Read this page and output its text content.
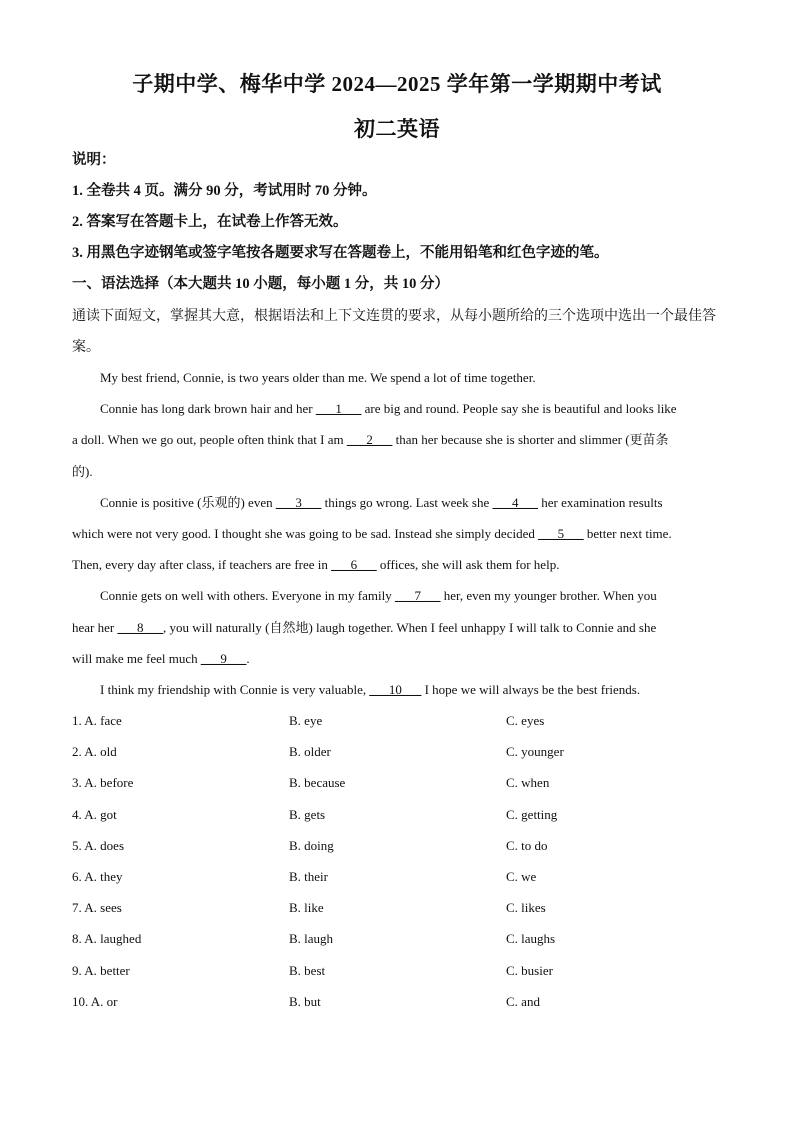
子期中学、梅华中学 2024—2025 学年第一学期期中考试
初二英语
说明：
1. 全卷共 4 页。满分 90 分，考试用时 70 分钟。
2. 答案写在答题卡上，在试卷上作答无效。
3. 用黑色字迹钢笔或签字笔按各题要求写在答题卷上，不能用铅笔和红色字迹的笔。
一、语法选择（本大题共 10 小题，每小题 1 分，共 10 分）
通读下面短文，掌握其大意，根据语法和上下文连贯的要求，从每小题所给的三个选项中选出一个最佳答
案。
My best friend, Connie, is two years older than me. We spend a lot of time together.
Connie has long dark brown hair and her ___1___ are big and round. People say she is beautiful and looks like
a doll. When we go out, people often think that I am ___2___ than her because she is shorter and slimmer (更苗条
的).
Connie is positive (乐观的) even ___3___ things go wrong. Last week she ___4___ her examination results
which were not very good. I thought she was going to be sad. Instead she simply decided ___5___ better next time.
Then, every day after class, if teachers are free in ___6___ offices, she will ask them for help.
Connie gets on well with others. Everyone in my family ___7___ her, even my younger brother. When you
hear her ___8___, you will naturally (自然地) laugh together. When I feel unhappy I will talk to Connie and she
will make me feel much ___9___.
I think my friendship with Connie is very valuable, ___10___ I hope we will always be the best friends.
1. A. face	B. eye	C. eyes
2. A. old	B. older	C. younger
3. A. before	B. because	C. when
4. A. got	B. gets	C. getting
5. A. does	B. doing	C. to do
6. A. they	B. their	C. we
7. A. sees	B. like	C. likes
8. A. laughed	B. laugh	C. laughs
9. A. better	B. best	C. busier
10. A. or	B. but	C. and
